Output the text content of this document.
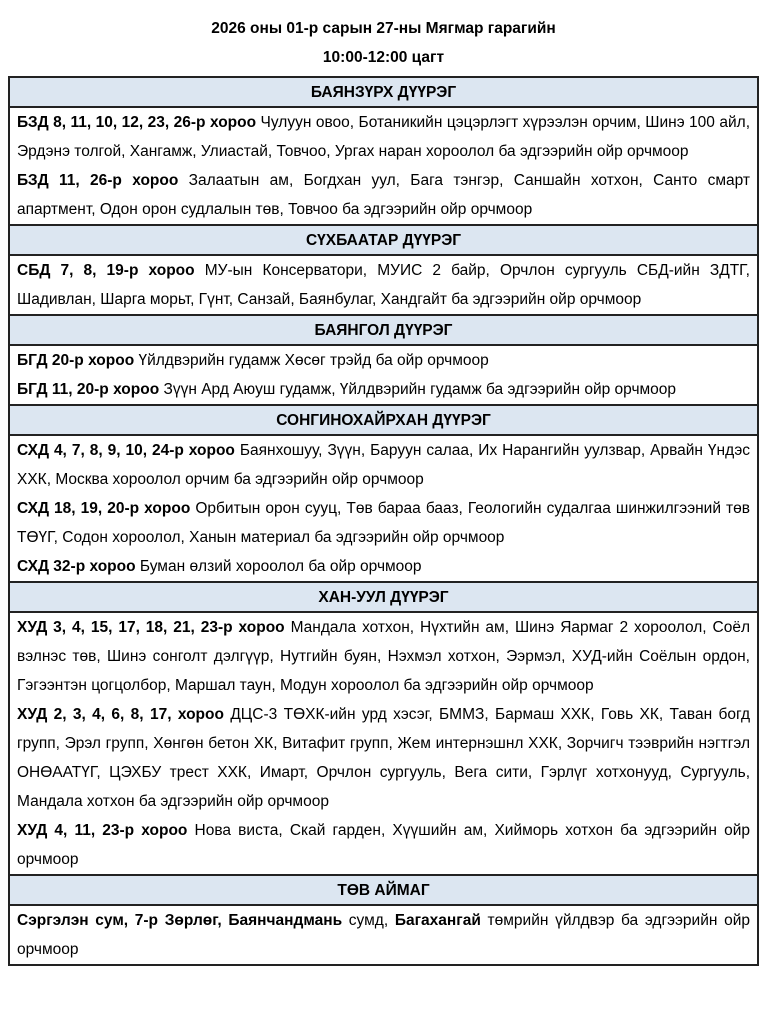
2026 оны 01-р сарын 27-ны Мягмар гарагийн
10:00-12:00 цагт
БАЯНЗҮРХ ДҮҮРЭГ

БЗД 8, 11, 10, 12, 23, 26-р хороо Чулуун овоо, Ботаникийн цэцэрлэгт хүрээлэн орчим, Шинэ 100 айл, Эрдэнэ толгой, Хангамж, Улиастай, Товчоо, Ургах наран хороолол ба эдгээрийн ойр орчмоор

БЗД 11, 26-р хороо Залаатын ам, Богдхан уул, Бага тэнгэр, Саншайн хотхон, Санто смарт апартмент, Одон орон судлалын төв, Товчоо ба эдгээрийн ойр орчмоор

СҮХБААТАР ДҮҮРЭГ

СБД 7, 8, 19-р хороо МУ-ын Консерватори, МУИС 2 байр, Орчлон сургууль СБД-ийн ЗДТГ, Шадивлан, Шарга морьт, Гүнт, Санзай, Баянбулаг, Хандгайт ба эдгээрийн ойр орчмоор

БАЯНГОЛ ДҮҮРЭГ

БГД 20-р хороо Үйлдвэрийн гудамж Хөсөг трэйд ба ойр орчмоор

БГД 11, 20-р хороо Зүүн Ард Аюуш гудамж, Үйлдвэрийн гудамж ба эдгээрийн ойр орчмоор

СОНГИНОХАЙРХАН ДҮҮРЭГ

СХД 4, 7, 8, 9, 10, 24-р хороо Баянхошуу, Зүүн, Баруун салаа, Их Нарангийн уулзвар, Арвайн Үндэс ХХК, Москва хороолол орчим ба эдгээрийн ойр орчмоор

СХД 18, 19, 20-р хороо Орбитын орон сууц, Төв бараа бааз, Геологийн судалгаа шинжилгээний төв ТӨҮГ, Содон хороолол, Ханын материал ба эдгээрийн ойр орчмоор

СХД 32-р хороо Буман өлзий хороолол ба ойр орчмоор

ХАН-УУЛ ДҮҮРЭГ

ХУД 3, 4, 15, 17, 18, 21, 23-р хороо Мандала хотхон, Нүхтийн ам, Шинэ Яармаг 2 хороолол, Соёл вэлнэс төв, Шинэ сонголт дэлгүүр, Нутгийн буян, Нэхмэл хотхон, Ээрмэл, ХУД-ийн Соёлын ордон, Гэгээнтэн цогцолбор, Маршал таун, Модун хороолол ба эдгээрийн ойр орчмоор

ХУД 2, 3, 4, 6, 8, 17, хороо ДЦС-3 ТӨХК-ийн урд хэсэг, БММЗ, Бармаш ХХК, Говь ХК, Таван богд групп, Эрэл групп, Хөнгөн бетон ХК, Витафит групп, Жем интернэшнл ХХК, Зорчигч тээврийн нэгтгэл ОНӨААТҮГ, ЦЭХБУ трест ХХК, Имарт, Орчлон сургууль, Вега сити, Гэрлүг хотхонууд, Сургууль, Мандала хотхон ба эдгээрийн ойр орчмоор

ХУД 4, 11, 23-р хороо Нова виста, Скай гарден, Хүүшийн ам, Хийморь хотхон ба эдгээрийн ойр орчмоор

ТӨВ АЙМАГ

Сэргэлэн сум, 7-р Зөрлөг, Баянчандмань сумд, Багахангай төмрийн үйлдвэр ба эдгээрийн ойр орчмоор
